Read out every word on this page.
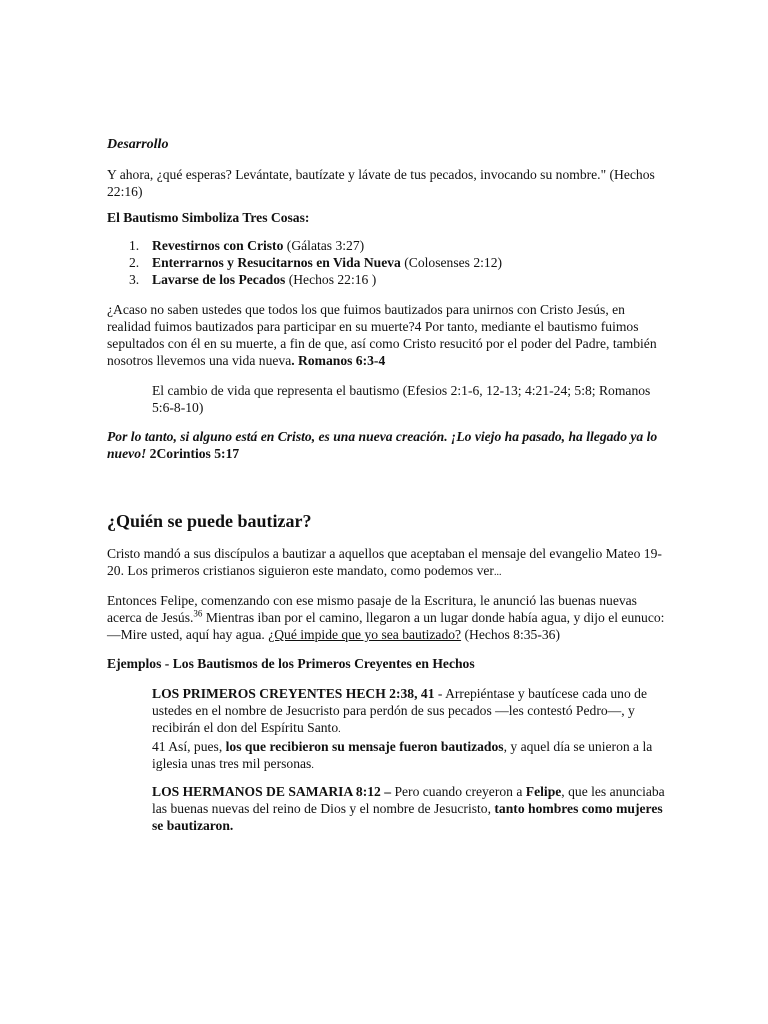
Desarrollo

Y ahora, ¿qué esperas? Levántate, bautízate y lávate de tus pecados, invocando su nombre." (Hechos 22:16)

El Bautismo Simboliza Tres Cosas:

1. Revestirnos con Cristo (Gálatas 3:27)
2. Enterrarnos y Resucitarnos en Vida Nueva (Colosenses 2:12)
3. Lavarse de los Pecados (Hechos 22:16 )

¿Acaso no saben ustedes que todos los que fuimos bautizados para unirnos con Cristo Jesús, en realidad fuimos bautizados para participar en su muerte?4 Por tanto, mediante el bautismo fuimos sepultados con él en su muerte, a fin de que, así como Cristo resucitó por el poder del Padre, también nosotros llevemos una vida nueva. Romanos 6:3-4

El cambio de vida que representa el bautismo (Efesios 2:1-6, 12-13; 4:21-24; 5:8; Romanos 5:6-8-10)

Por lo tanto, si alguno está en Cristo, es una nueva creación. ¡Lo viejo ha pasado, ha llegado ya lo nuevo! 2Corintios 5:17

¿Quién se puede bautizar?

Cristo mandó a sus discípulos a bautizar a aquellos que aceptaban el mensaje del evangelio Mateo 19-20. Los primeros cristianos siguieron este mandato, como podemos ver...

Entonces Felipe, comenzando con ese mismo pasaje de la Escritura, le anunció las buenas nuevas acerca de Jesús.$^{36}$ Mientras iban por el camino, llegaron a un lugar donde había agua, y dijo el eunuco: —Mire usted, aquí hay agua. ¿Qué impide que yo sea bautizado? (Hechos 8:35-36)

Ejemplos - Los Bautismos de los Primeros Creyentes en Hechos

LOS PRIMEROS CREYENTES HECH 2:38, 41 - Arrepiéntase y bautícese cada uno de ustedes en el nombre de Jesucristo para perdón de sus pecados —les contestó Pedro—, y recibirán el don del Espíritu Santo.

41 Así, pues, los que recibieron su mensaje fueron bautizados, y aquel día se unieron a la iglesia unas tres mil personas.

LOS HERMANOS DE SAMARIA 8:12 – Pero cuando creyeron a Felipe, que les anunciaba las buenas nuevas del reino de Dios y el nombre de Jesucristo, tanto hombres como mujeres se bautizaron.
